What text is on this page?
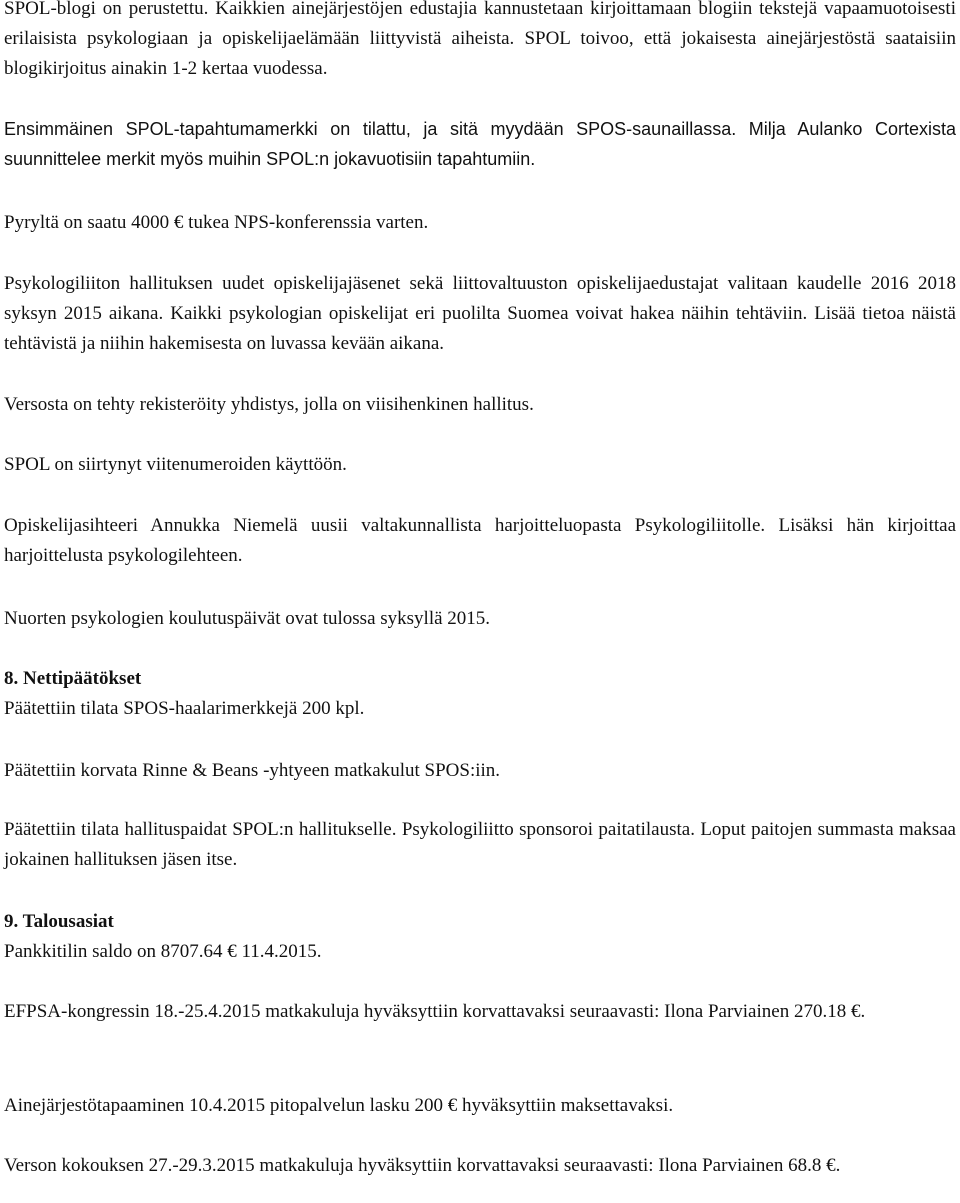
SPOL-blogi on perustettu. Kaikkien ainejärjestöjen edustajia kannustetaan kirjoittamaan blogiin tekstejä vapaamuotoisesti erilaisista psykologiaan ja opiskelijaelämään liittyvistä aiheista. SPOL toivoo, että jokaisesta ainejärjestöstä saataisiin blogikirjoitus ainakin 1-2 kertaa vuodessa.

Ensimmäinen SPOL-tapahtumamerkki on tilattu, ja sitä myydään SPOS-saunaillassa. Milja Aulanko Cortexista suunnittelee merkit myös muihin SPOL:n jokavuotisiin tapahtumiin.

Pyryltä on saatu 4000 € tukea NPS-konferenssia varten.

Psykologiliiton hallituksen uudet opiskelijajäsenet sekä liittovaltuuston opiskelijaedustajat valitaan kaudelle 2016 2018 syksyn 2015 aikana. Kaikki psykologian opiskelijat eri puolilta Suomea voivat hakea näihin tehtäviin. Lisää tietoa näistä tehtävistä ja niihin hakemisesta on luvassa kevään aikana.

Versosta on tehty rekisteröity yhdistys, jolla on viisihenkinen hallitus.

SPOL on siirtynyt viitenumeroiden käyttöön.

Opiskelijasihteeri Annukka Niemelä uusii valtakunnallista harjoitteluopasta Psykologiliitolle. Lisäksi hän kirjoittaa harjoittelusta psykologilehteen.

Nuorten psykologien koulutuspäivät ovat tulossa syksyllä 2015.

8. Nettipäätökset
Päätettiin tilata SPOS-haalarimerkkejä 200 kpl.

Päätettiin korvata Rinne & Beans -yhtyeen matkakulut SPOS:iin.

Päätettiin tilata hallituspaidat SPOL:n hallitukselle. Psykologiliitto sponsoroi paitatilausta. Loput paitojen summasta maksaa jokainen hallituksen jäsen itse.

9. Talousasiat
Pankkitilin saldo on 8707.64 € 11.4.2015.

EFPSA-kongressin 18.-25.4.2015 matkakuluja hyväksyttiin korvattavaksi seuraavasti: Ilona Parviainen 270.18 €.

Ainejärjestötapaaminen 10.4.2015 pitopalvelun lasku 200 € hyväksyttiin maksettavaksi.

Verson kokouksen 27.-29.3.2015 matkakuluja hyväksyttiin korvattavaksi seuraavasti: Ilona Parviainen 68.8 €.
